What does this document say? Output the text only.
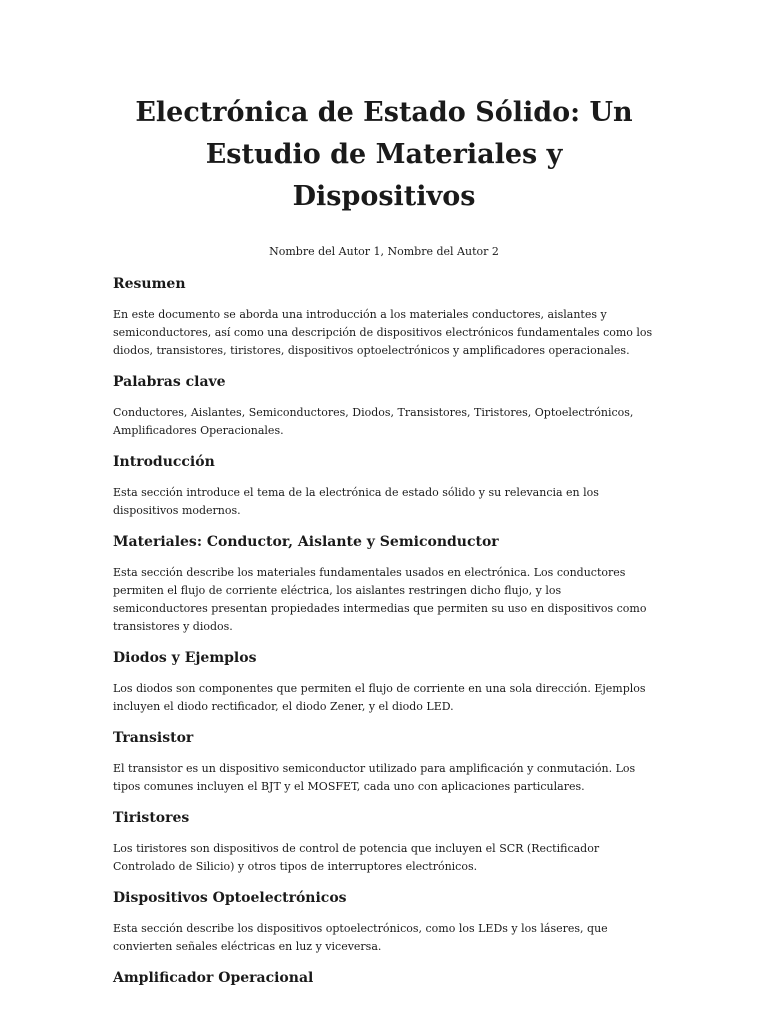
Electrónica de Estado Sólido: Un Estudio de Materiales y Dispositivos

Nombre del Autor 1, Nombre del Autor 2

Resumen

En este documento se aborda una introducción a los materiales conductores, aislantes y semiconductores, así como una descripción de dispositivos electrónicos fundamentales como los diodos, transistores, tiristores, dispositivos optoelectrónicos y amplificadores operacionales.

Palabras clave

Conductores, Aislantes, Semiconductores, Diodos, Transistores, Tiristores, Optoelectrónicos, Amplificadores Operacionales.

Introducción

Esta sección introduce el tema de la electrónica de estado sólido y su relevancia en los dispositivos modernos.

Materiales: Conductor, Aislante y Semiconductor

Esta sección describe los materiales fundamentales usados en electrónica. Los conductores permiten el flujo de corriente eléctrica, los aislantes restringen dicho flujo, y los semiconductores presentan propiedades intermedias que permiten su uso en dispositivos como transistores y diodos.

Diodos y Ejemplos

Los diodos son componentes que permiten el flujo de corriente en una sola dirección. Ejemplos incluyen el diodo rectificador, el diodo Zener, y el diodo LED.

Transistor

El transistor es un dispositivo semiconductor utilizado para amplificación y conmutación. Los tipos comunes incluyen el BJT y el MOSFET, cada uno con aplicaciones particulares.

Tiristores

Los tiristores son dispositivos de control de potencia que incluyen el SCR (Rectificador Controlado de Silicio) y otros tipos de interruptores electrónicos.

Dispositivos Optoelectrónicos

Esta sección describe los dispositivos optoelectrónicos, como los LEDs y los láseres, que convierten señales eléctricas en luz y viceversa.

Amplificador Operacional
